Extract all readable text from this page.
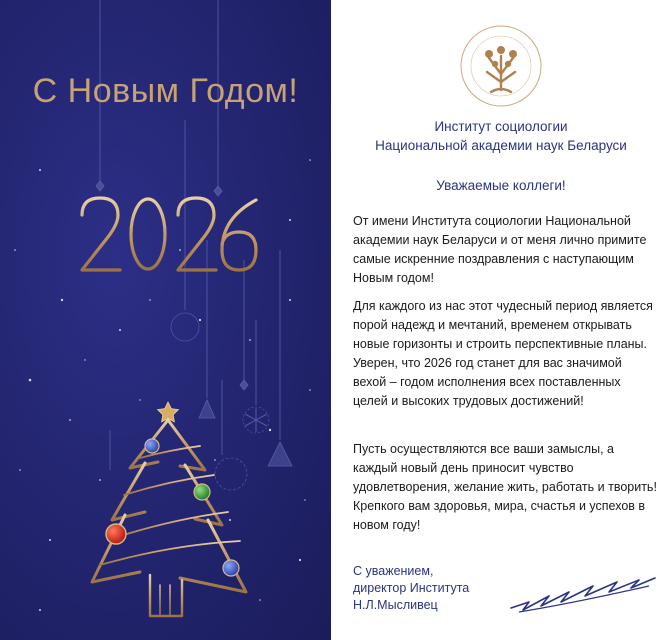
С Новым Годом!
Институт социологии
Национальной академии наук Беларуси
Уважаемые коллеги!

От имени Института социологии Национальной академии наук Беларуси и от меня лично примите самые искренние поздравления с наступающим Новым годом!

Для каждого из нас этот чудесный период является порой надежд и мечтаний, временем открывать новые горизонты и строить перспективные планы. Уверен, что 2026 год станет для вас значимой вехой – годом исполнения всех поставленных целей и высоких трудовых достижений!

Пусть осуществляются все ваши замыслы, а каждый новый день приносит чувство удовлетворения, желание жить, работать и творить! Крепкого вам здоровья, мира, счастья и успехов в новом году!

С уважением,
директор Института
Н.Л.Мысливец
